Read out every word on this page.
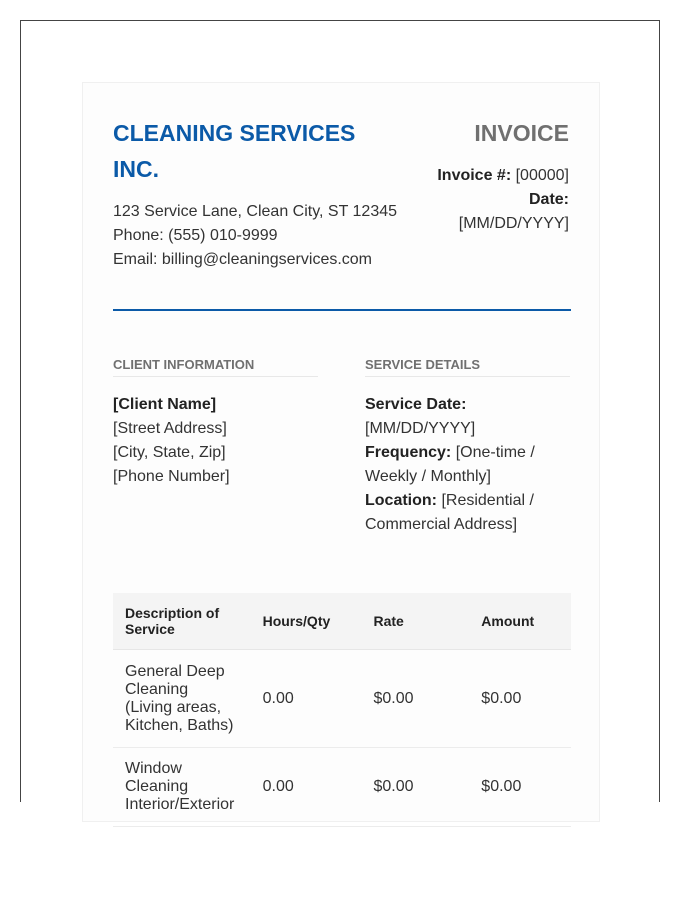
CLEANING SERVICES INC.
123 Service Lane, Clean City, ST 12345
Phone: (555) 010-9999
Email: billing@cleaningservices.com
INVOICE
Invoice #: [00000]
Date:
[MM/DD/YYYY]
CLIENT INFORMATION	SERVICE DETAILS
[Client Name]
[Street Address]
[City, State, Zip]
[Phone Number]
Service Date:
[MM/DD/YYYY]
Frequency: [One-time / Weekly / Monthly]
Location: [Residential / Commercial Address]
Description of Service	Hours/Qty	Rate	Amount
General Deep Cleaning (Living areas, Kitchen, Baths)	0.00	$0.00	$0.00
Window Cleaning Interior/Exterior	0.00	$0.00	$0.00
